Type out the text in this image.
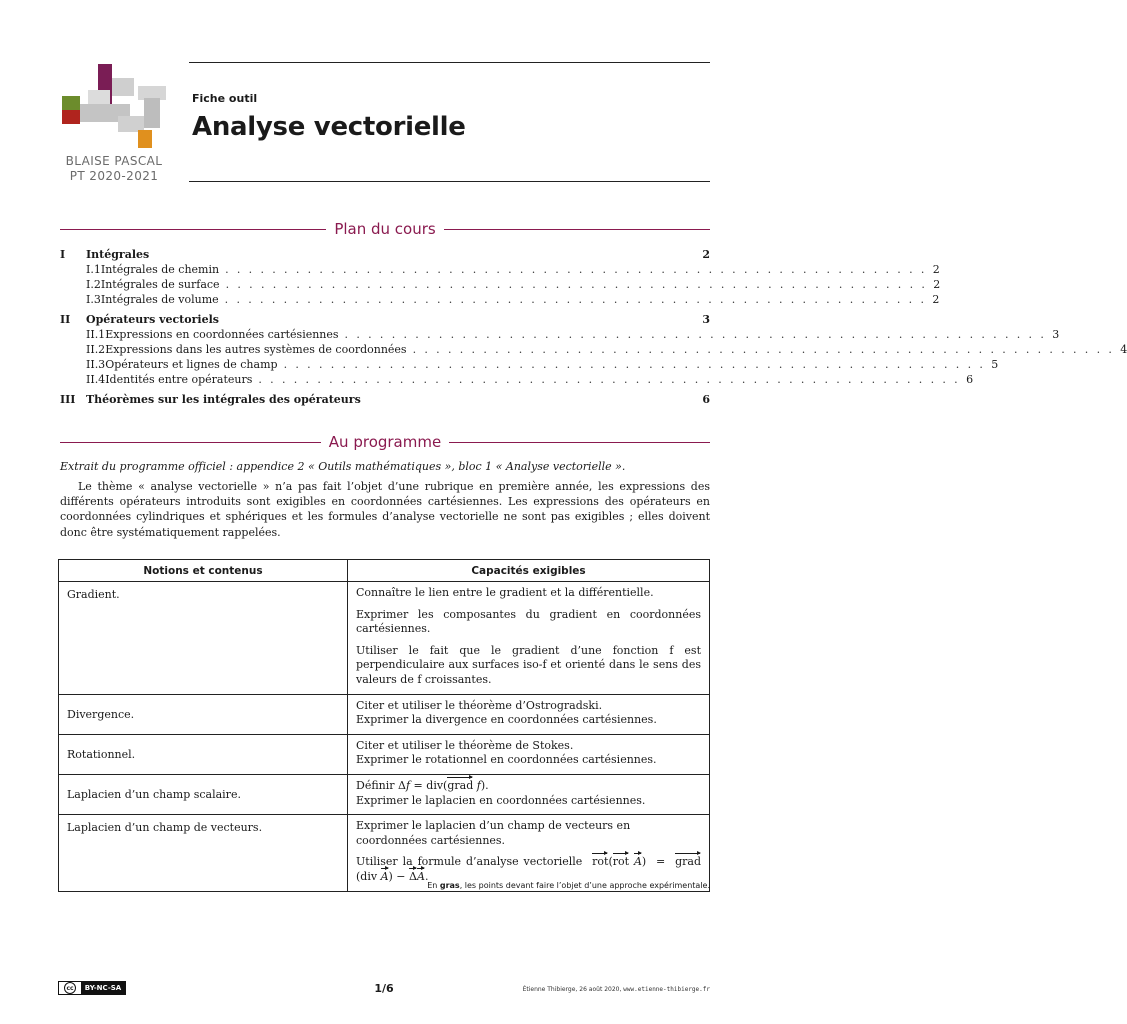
BLAISE PASCAL
PT 2020-2021
Fiche outil
Analyse vectorielle
Plan du cours
I	Intégrales	2
I.1 Intégrales de chemin . . . . . . . . . . . . . . . . . . . . . . . . . . . . . . . . . . . . . . . . . . . . . . . . . . . . . . . . . . . . 2
I.2 Intégrales de surface . . . . . . . . . . . . . . . . . . . . . . . . . . . . . . . . . . . . . . . . . . . . . . . . . . . . . . . . . . . . 2
I.3 Intégrales de volume . . . . . . . . . . . . . . . . . . . . . . . . . . . . . . . . . . . . . . . . . . . . . . . . . . . . . . . . . . . . 2
II	Opérateurs vectoriels	3
II.1 Expressions en coordonnées cartésiennes . . . . . . . . . . . . . . . . . . . . . . . . . . . . . . . . . . . . . . . . . . . . . . . . . . . . . . . . . . . . 3
II.2 Expressions dans les autres systèmes de coordonnées . . . . . . . . . . . . . . . . . . . . . . . . . . . . . . . . . . . . . . . . . . . . . . . . . . . . . . . . . . . . 4
II.3 Opérateurs et lignes de champ . . . . . . . . . . . . . . . . . . . . . . . . . . . . . . . . . . . . . . . . . . . . . . . . . . . . . . . . . . . . 5
II.4 Identités entre opérateurs . . . . . . . . . . . . . . . . . . . . . . . . . . . . . . . . . . . . . . . . . . . . . . . . . . . . . . . . . . . . 6
III Théorèmes sur les intégrales des opérateurs	6
Au programme
Extrait du programme officiel : appendice 2 « Outils mathématiques », bloc 1 « Analyse vectorielle ».
Le thème « analyse vectorielle » n’a pas fait l’objet d’une rubrique en première année, les expressions des différents opérateurs introduits sont exigibles en coordonnées cartésiennes. Les expressions des opérateurs en coordonnées cylindriques et sphériques et les formules d’analyse vectorielle ne sont pas exigibles ; elles doivent donc être systématiquement rappelées.
Notions et contenus	Capacités exigibles
Gradient.	Connaître le lien entre le gradient et la différentielle.

Exprimer les composantes du gradient en coordonnées cartésiennes.

Utiliser le fait que le gradient d’une fonction f est perpendiculaire aux surfaces iso-f et orienté dans le sens des valeurs de f croissantes.

Divergence.	Citer et utiliser le théorème d’Ostrogradski.
Exprimer la divergence en coordonnées cartésiennes.

Rotationnel.	Citer et utiliser le théorème de Stokes.
Exprimer le rotationnel en coordonnées cartésiennes.

Laplacien d’un champ scalaire.	Définir Δf = div(grad f).
Exprimer le laplacien en coordonnées cartésiennes.

Laplacien d’un champ de vecteurs.	Exprimer le laplacien d’un champ de vecteurs en coordonnées cartésiennes.

Utiliser la formule d’analyse vectorielle rot(rot A)  =  grad(div A) − ΔA.

En gras, les points devant faire l’objet d’une approche expérimentale.
cc	BY-NC-SA	1/6	Étienne Thibierge, 26 août 2020, www.etienne-thibierge.fr
